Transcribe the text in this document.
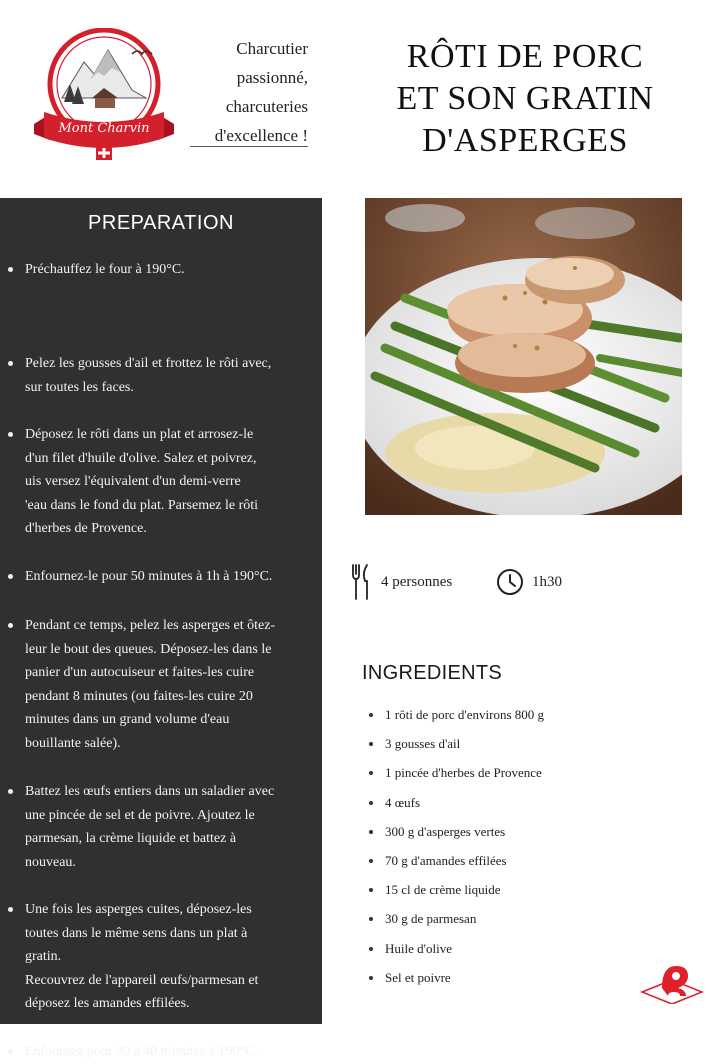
Mont Charvin
Charcutier
passionné,
charcuteries
d'excellence !
RÔTI DE PORC
ET SON GRATIN
D'ASPERGES
PREPARATION
Préchauffez le four à 190°C.
Pelez les gousses d'ail et frottez le rôti avec,
sur toutes les faces.
Déposez le rôti dans un plat et arrosez-le
d'un filet d'huile d'olive. Salez et poivrez,
uis versez l'équivalent d'un demi-verre
'eau dans le fond du plat. Parsemez le rôti
d'herbes de Provence.
Enfournez-le pour 50 minutes à 1h à 190°C.
Pendant ce temps, pelez les asperges et ôtez-
leur le bout des queues. Déposez-les dans le
panier d'un autocuiseur et faites-les cuire
pendant 8 minutes (ou faites-les cuire 20
minutes dans un grand volume d'eau
bouillante salée).
Battez les œufs entiers dans un saladier avec
une pincée de sel et de poivre. Ajoutez le
parmesan, la crème liquide et battez à
nouveau.
Une fois les asperges cuites, déposez-les
toutes dans le même sens dans un plat à
gratin.
Recouvrez de l'appareil œufs/parmesan et
déposez les amandes effilées.
Enfournez pour 30 à 40 minutes à 190°C.
4 personnes	1h30
INGREDIENTS
1 rôti de porc d'environs 800 g
3 gousses d'ail
1 pincée d'herbes de Provence
4 œufs
300 g d'asperges vertes
70 g d'amandes effilées
15 cl de crème liquide
30 g de parmesan
Huile d'olive
Sel et poivre
